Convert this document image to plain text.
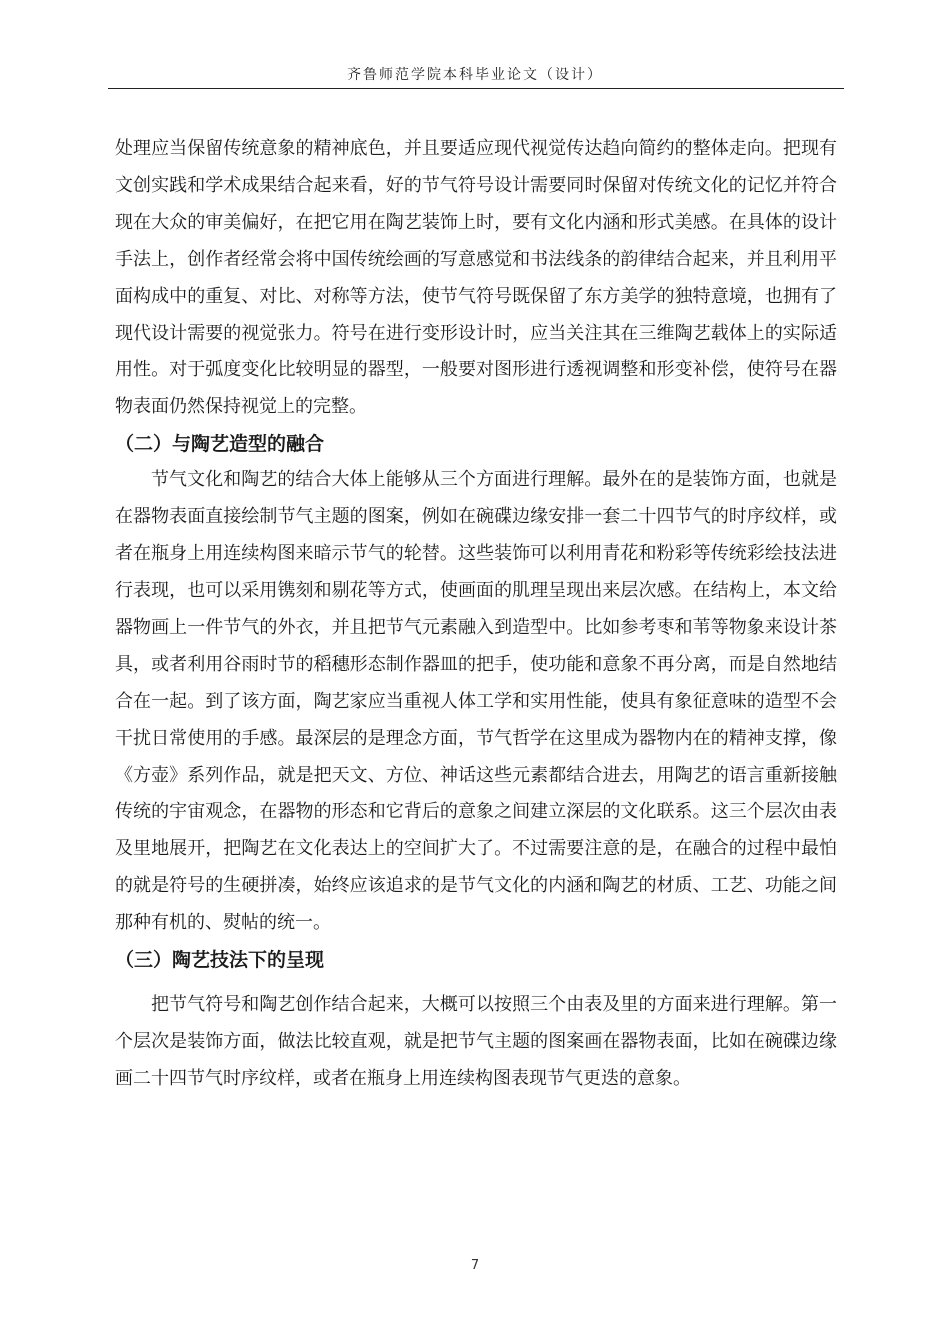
齐鲁师范学院本科毕业论文（设计）

处理应当保留传统意象的精神底色，并且要适应现代视觉传达趋向简约的整体走向。把现有文创实践和学术成果结合起来看，好的节气符号设计需要同时保留对传统文化的记忆并符合现在大众的审美偏好，在把它用在陶艺装饰上时，要有文化内涵和形式美感。在具体的设计手法上，创作者经常会将中国传统绘画的写意感觉和书法线条的韵律结合起来，并且利用平面构成中的重复、对比、对称等方法，使节气符号既保留了东方美学的独特意境，也拥有了现代设计需要的视觉张力。符号在进行变形设计时，应当关注其在三维陶艺载体上的实际适用性。对于弧度变化比较明显的器型，一般要对图形进行透视调整和形变补偿，使符号在器物表面仍然保持视觉上的完整。

（二）与陶艺造型的融合

节气文化和陶艺的结合大体上能够从三个方面进行理解。最外在的是装饰方面，也就是在器物表面直接绘制节气主题的图案，例如在碗碟边缘安排一套二十四节气的时序纹样，或者在瓶身上用连续构图来暗示节气的轮替。这些装饰可以利用青花和粉彩等传统彩绘技法进行表现，也可以采用镌刻和剔花等方式，使画面的肌理呈现出来层次感。在结构上，本文给器物画上一件节气的外衣，并且把节气元素融入到造型中。比如参考枣和苇等物象来设计茶具，或者利用谷雨时节的稻穗形态制作器皿的把手，使功能和意象不再分离，而是自然地结合在一起。到了该方面，陶艺家应当重视人体工学和实用性能，使具有象征意味的造型不会干扰日常使用的手感。最深层的是理念方面，节气哲学在这里成为器物内在的精神支撑，像《方壶》系列作品，就是把天文、方位、神话这些元素都结合进去，用陶艺的语言重新接触传统的宇宙观念，在器物的形态和它背后的意象之间建立深层的文化联系。这三个层次由表及里地展开，把陶艺在文化表达上的空间扩大了。不过需要注意的是，在融合的过程中最怕的就是符号的生硬拼凑，始终应该追求的是节气文化的内涵和陶艺的材质、工艺、功能之间那种有机的、熨帖的统一。

（三）陶艺技法下的呈现

把节气符号和陶艺创作结合起来，大概可以按照三个由表及里的方面来进行理解。第一个层次是装饰方面，做法比较直观，就是把节气主题的图案画在器物表面，比如在碗碟边缘画二十四节气时序纹样，或者在瓶身上用连续构图表现节气更迭的意象。

7
